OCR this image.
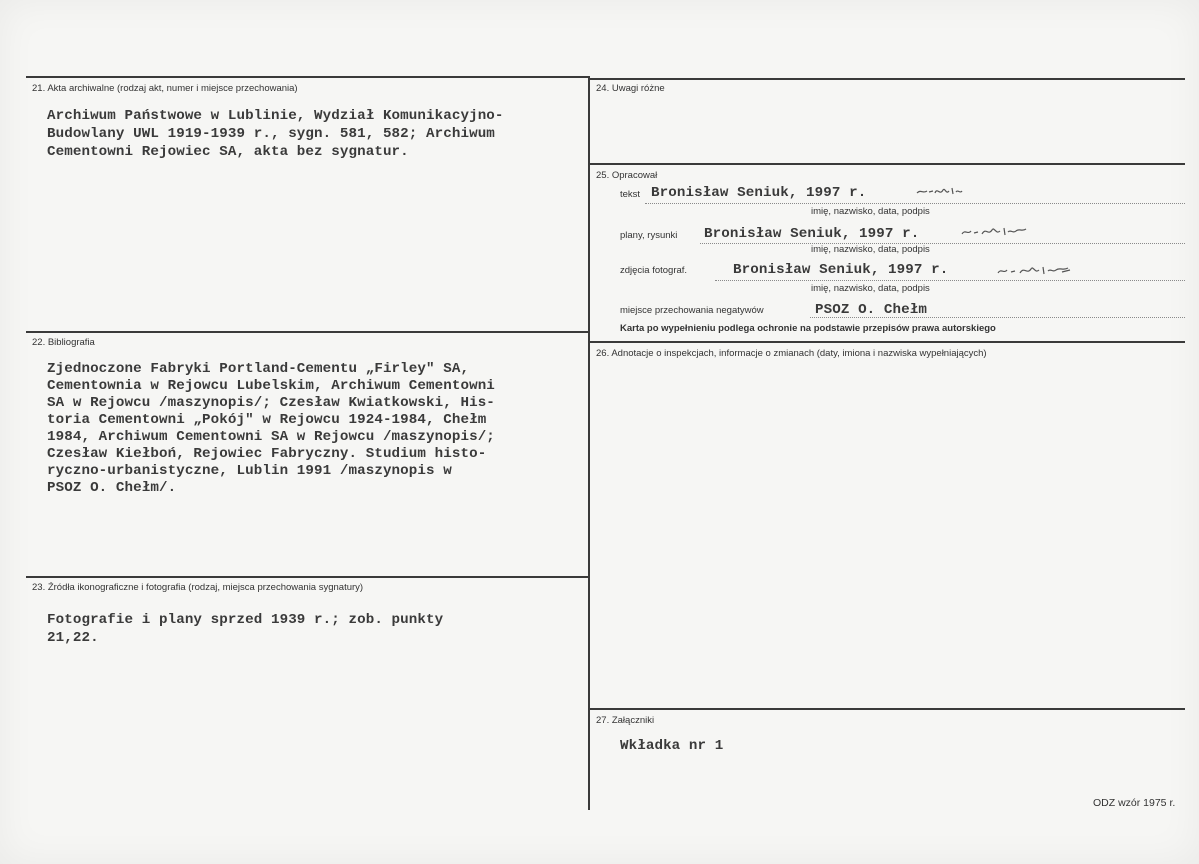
21. Akta archiwalne (rodzaj akt, numer i miejsce przechowania)
Archiwum Państwowe w Lublinie, Wydział Komunikacyjno-
Budowlany UWL 1919-1939 r., sygn. 581, 582; Archiwum
Cementowni Rejowiec SA, akta bez sygnatur.
22. Bibliografia
Zjednoczone Fabryki Portland-Cementu „Firley" SA,
Cementownia w Rejowcu Lubelskim, Archiwum Cementowni
SA w Rejowcu /maszynopis/; Czesław Kwiatkowski, His-
toria Cementowni „Pokój" w Rejowcu 1924-1984, Chełm
1984, Archiwum Cementowni SA w Rejowcu /maszynopis/;
Czesław Kiełboń, Rejowiec Fabryczny. Studium histo-
ryczno-urbanistyczne, Lublin 1991 /maszynopis w
PSOZ O. Chełm/.
23. Źródła ikonograficzne i fotografia (rodzaj, miejsca przechowania sygnatury)
Fotografie i plany sprzed 1939 r.; zob. punkty
21,22.
24. Uwagi różne
25. Opracował
tekst Bronisław Seniuk, 1997 r.
imię, nazwisko, data, podpis
plany, rysunki Bronisław Seniuk, 1997 r.
imię, nazwisko, data, podpis
zdjęcia fotograf.	Bronisław Seniuk, 1997 r.
imię, nazwisko, data, podpis
miejsce przechowania negatywów	PSOZ O. Chełm
Karta po wypełnieniu podlega ochronie na podstawie przepisów prawa autorskiego
26. Adnotacje o inspekcjach, informacje o zmianach (daty, imiona i nazwiska wypełniających)
27. Załączniki
Wkładka nr 1
ODZ wzór 1975 r.
